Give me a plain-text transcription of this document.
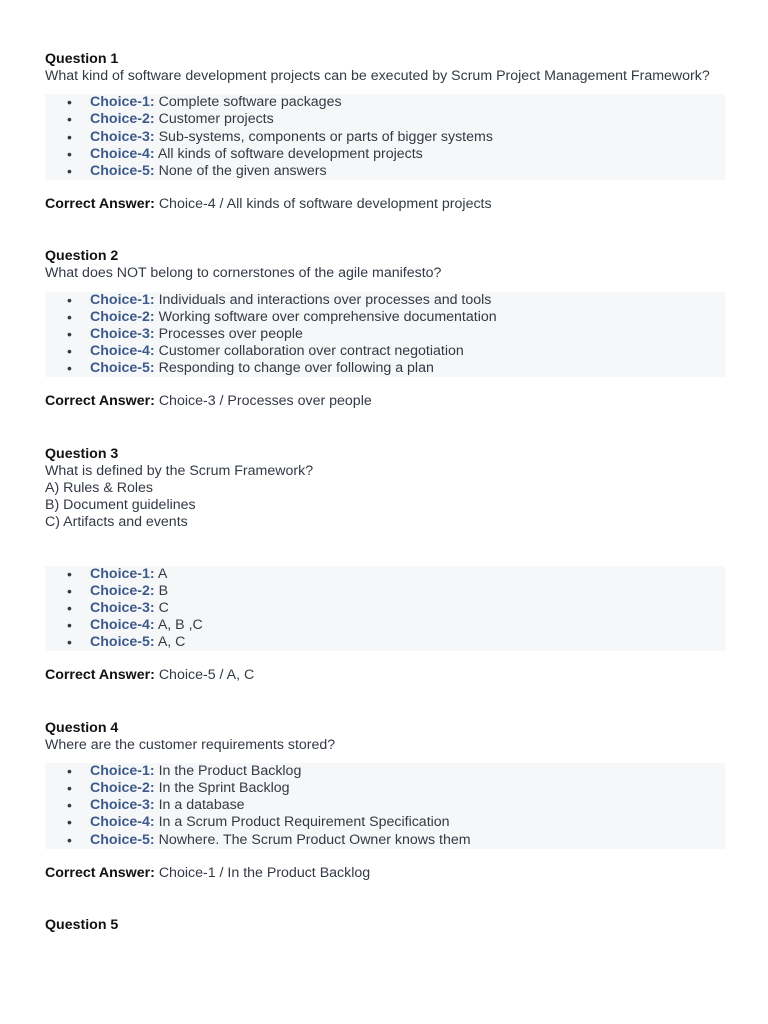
Question 1

What kind of software development projects can be executed by Scrum Project Management Framework?

• Choice-1: Complete software packages
• Choice-2: Customer projects
• Choice-3: Sub-systems, components or parts of bigger systems
• Choice-4: All kinds of software development projects
• Choice-5: None of the given answers

Correct Answer: Choice-4 / All kinds of software development projects

Question 2

What does NOT belong to cornerstones of the agile manifesto?

• Choice-1: Individuals and interactions over processes and tools
• Choice-2: Working software over comprehensive documentation
• Choice-3: Processes over people
• Choice-4: Customer collaboration over contract negotiation
• Choice-5: Responding to change over following a plan

Correct Answer: Choice-3 / Processes over people

Question 3

What is defined by the Scrum Framework?

A) Rules & Roles

B) Document guidelines

C) Artifacts and events

• Choice-1: A
• Choice-2: B
• Choice-3: C
• Choice-4: A, B ,C
• Choice-5: A, C

Correct Answer: Choice-5 / A, C

Question 4

Where are the customer requirements stored?

• Choice-1: In the Product Backlog
• Choice-2: In the Sprint Backlog
• Choice-3: In a database
• Choice-4: In a Scrum Product Requirement Specification
• Choice-5: Nowhere. The Scrum Product Owner knows them

Correct Answer: Choice-1 / In the Product Backlog

Question 5
